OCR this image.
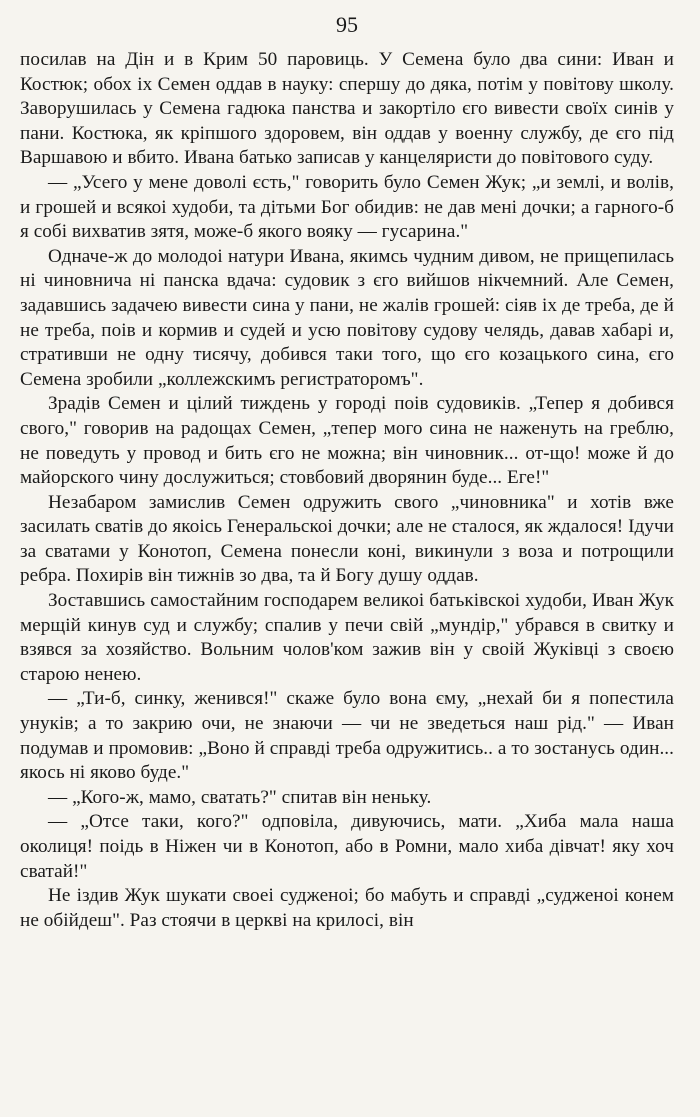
95

посилав на Дін и в Крим 50 паровиць. У Семена було два сини: Иван и Костюк; обох іх Семен оддав в науку: спершу до дяка, потім у повітову школу. Заворушилась у Семена гадюка панства и закортіло єго вивести своїх синів у пани. Костюка, як кріпшого здоровем, він оддав у военну службу, де єго під Варшавою и вбито. Ивана батько записав у канцеляристи до повітового суду.

— „Усего у мене доволі єсть," говорить було Семен Жук; „и землі, и волів, и грошей и всякоі худоби, та дітьми Бог обидив: не дав мені дочки; а гарного-б я собі вихватив зятя, може-б якого вояку — гусарина."

Одначе-ж до молодоі натури Ивана, якимсь чудним дивом, не прищепилась ні чиновнича ні панска вдача: судовик з єго вийшов нікчемний. Але Семен, задавшись задачею вивести сина у пани, не жалів грошей: сіяв іх де треба, де й не треба, поів и кормив и судей и усю повітову судову челядь, давав хабарі и, стративши не одну тисячу, добився таки того, що єго козацького сина, єго Семена зробили „коллежскимъ регистраторомъ".

Зрадів Семен и цілий тиждень у городі поів судовиків. „Тепер я добився свого," говорив на радощах Семен, „тепер мого сина не наженуть на греблю, не поведуть у провод и бить єго не можна; він чиновник... от-що! може й до майорского чину дослужиться; стовбовий дворянин буде... Еге!"

Незабаром замислив Семен одружить свого „чиновника" и хотів вже засилать сватів до якоісь Генеральскоі дочки; але не сталося, як ждалося! Ідучи за сватами у Конотоп, Семена понесли коні, викинули з воза и потрощили ребра. Похирів він тижнів зо два, та й Богу душу оддав.

Зоставшись самостайним господарем великоі батьківскоі худоби, Иван Жук мерщій кинув суд и службу; спалив у печи свій „мундір," убрався в свитку и взявся за хозяйство. Вольним чолов'ком зажив він у своій Жуківці з своєю старою ненею.

— „Ти-б, синку, женився!" скаже було вона єму, „нехай би я попестила унуків; а то закрию очи, не знаючи — чи не зведеться наш рід." — Иван подумав и промовив: „Воно й справді треба одружитись.. а то зостанусь один... якось ні яково буде."

— „Кого-ж, мамо, сватать?" спитав він неньку.

— „Отсе таки, кого?" одповіла, дивуючись, мати. „Хиба мала наша околиця! поідь в Ніжен чи в Конотоп, або в Ромни, мало хиба дівчат! яку хоч сватай!"

Не іздив Жук шукати своеі судженоі; бо мабуть и справді „судженоі конем не обійдеш". Раз стоячи в церкві на крилосі, він
